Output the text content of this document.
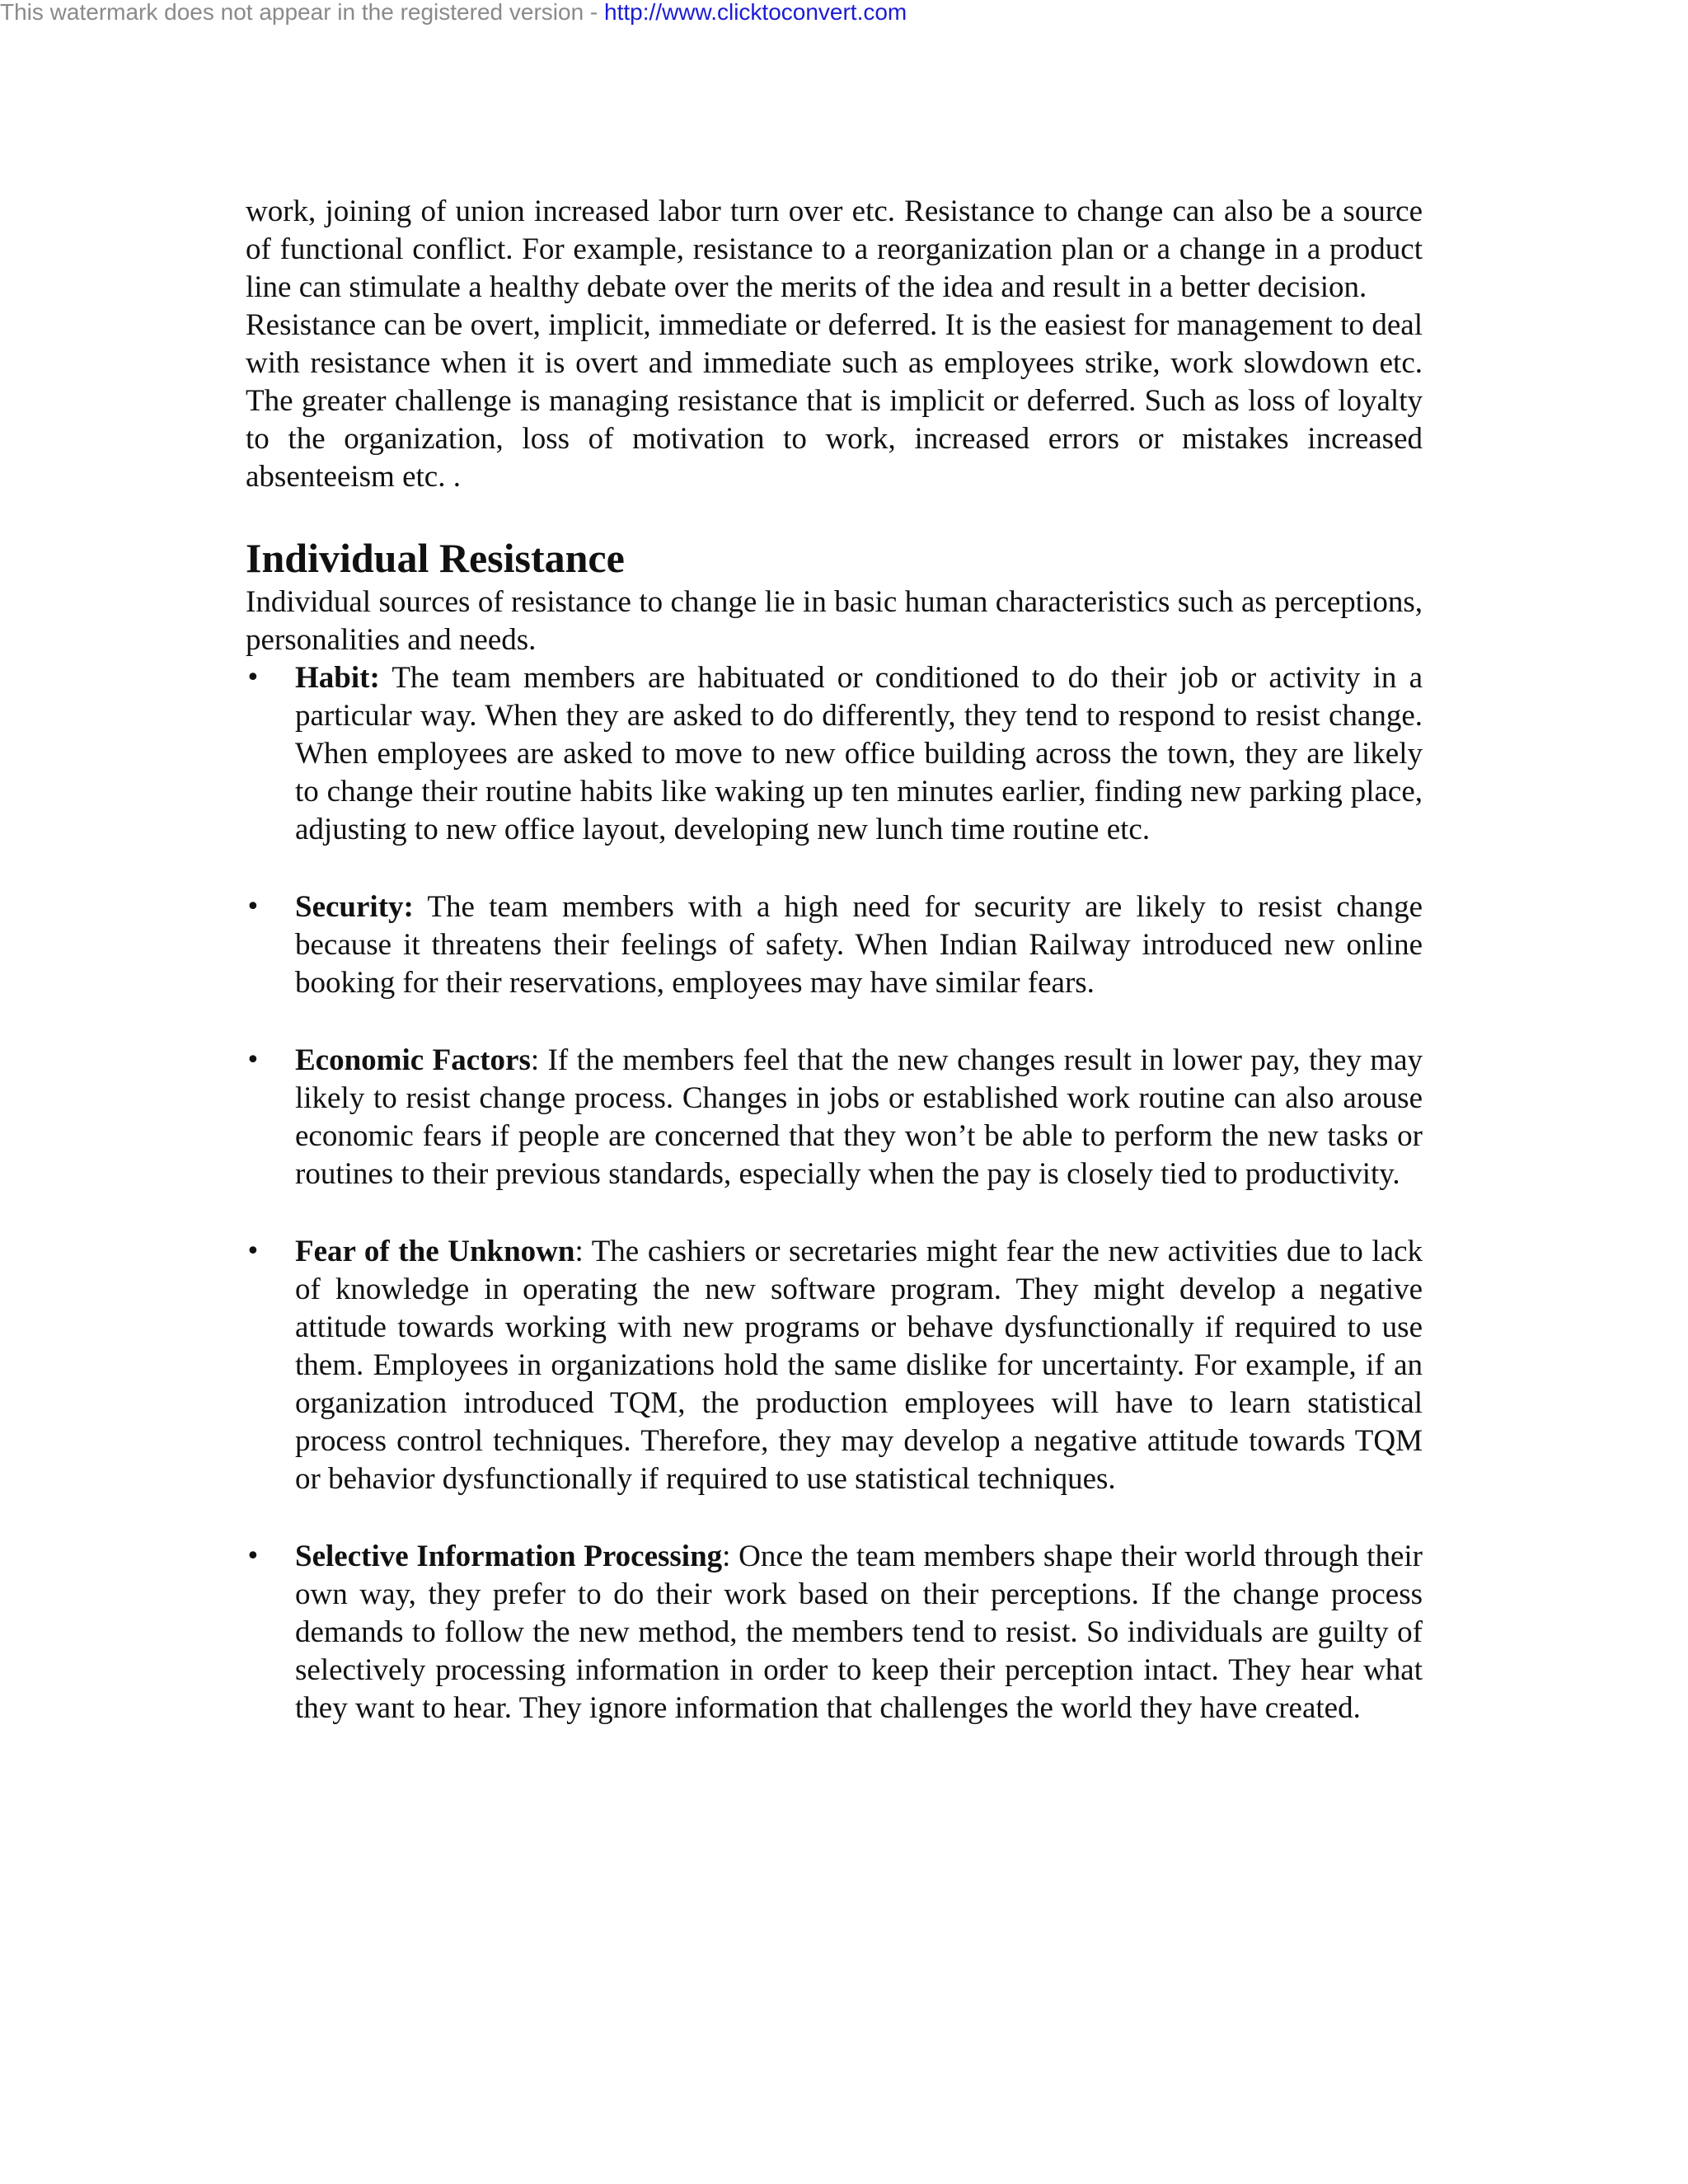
This watermark does not appear in the registered version - http://www.clicktoconvert.com

work, joining of union increased labor turn over etc. Resistance to change can also be a source of functional conflict. For example, resistance to a reorganization plan or a change in a product line can stimulate a healthy debate over the merits of the idea and result in a better decision.

Resistance can be overt, implicit, immediate or deferred. It is the easiest for management to deal with resistance when it is overt and immediate such as employees strike, work slowdown etc. The greater challenge is managing resistance that is implicit or deferred. Such as loss of loyalty to the organization, loss of motivation to work, increased errors or mistakes increased absenteeism etc. .

Individual Resistance

Individual sources of resistance to change lie in basic human characteristics such as perceptions, personalities and needs.

• Habit: The team members are habituated or conditioned to do their job or activity in a particular way. When they are asked to do differently, they tend to respond to resist change. When employees are asked to move to new office building across the town, they are likely to change their routine habits like waking up ten minutes earlier, finding new parking place, adjusting to new office layout, developing new lunch time routine etc.
• Security: The team members with a high need for security are likely to resist change because it threatens their feelings of safety. When Indian Railway introduced new online booking for their reservations, employees may have similar fears.
• Economic Factors: If the members feel that the new changes result in lower pay, they may likely to resist change process. Changes in jobs or established work routine can also arouse economic fears if people are concerned that they won’t be able to perform the new tasks or routines to their previous standards, especially when the pay is closely tied to productivity.
• Fear of the Unknown: The cashiers or secretaries might fear the new activities due to lack of knowledge in operating the new software program. They might develop a negative attitude towards working with new programs or behave dysfunctionally if required to use them. Employees in organizations hold the same dislike for uncertainty. For example, if an organization introduced TQM, the production employees will have to learn statistical process control techniques. Therefore, they may develop a negative attitude towards TQM or behavior dysfunctionally if required to use statistical techniques.
• Selective Information Processing: Once the team members shape their world through their own way, they prefer to do their work based on their perceptions. If the change process demands to follow the new method, the members tend to resist. So individuals are guilty of selectively processing information in order to keep their perception intact. They hear what they want to hear. They ignore information that challenges the world they have created.
